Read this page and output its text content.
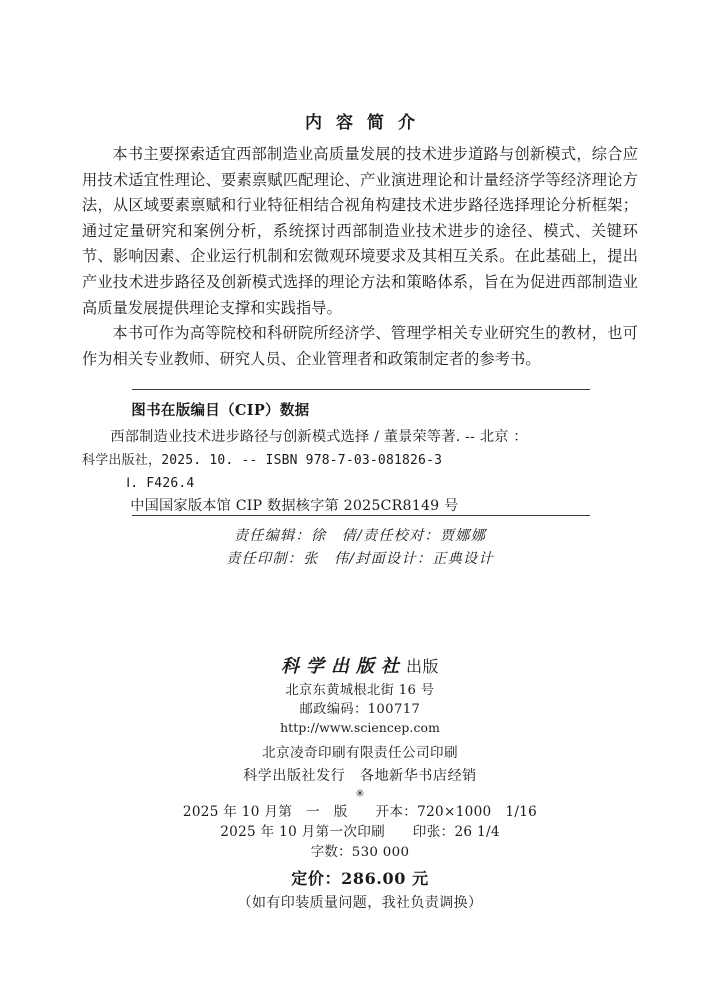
内容简介

本书主要探索适宜西部制造业高质量发展的技术进步道路与创新模式，综合应用技术适宜性理论、要素禀赋匹配理论、产业演进理论和计量经济学等经济理论方法，从区域要素禀赋和行业特征相结合视角构建技术进步路径选择理论分析框架；通过定量研究和案例分析，系统探讨西部制造业技术进步的途径、模式、关键环节、影响因素、企业运行机制和宏微观环境要求及其相互关系。在此基础上，提出产业技术进步路径及创新模式选择的理论方法和策略体系，旨在为促进西部制造业高质量发展提供理论支撑和实践指导。

本书可作为高等院校和科研院所经济学、管理学相关专业研究生的教材，也可作为相关专业教师、研究人员、企业管理者和政策制定者的参考书。

图书在版编目（CIP）数据
西部制造业技术进步路径与创新模式选择 / 董景荣等著. -- 北京 ：
科学出版社，2025. 10. -- ISBN 978-7-03-081826-3
Ⅰ. F426.4
中国国家版本馆 CIP 数据核字第 2025CR8149 号
责任编辑：徐　倩/责任校对：贾娜娜
责任印制：张　伟/封面设计：正典设计
科学出版社出版
北京东黄城根北街 16 号
邮政编码：100717
http://www.sciencep.com
北京凌奇印刷有限责任公司印刷
科学出版社发行　各地新华书店经销
✳
2025 年 10 月第　一　版　　开本：720×1000　1/16
2025 年 10 月第一次印刷　　印张：26 1/4
字数：530 000
定价：286.00 元
（如有印装质量问题，我社负责调换）
